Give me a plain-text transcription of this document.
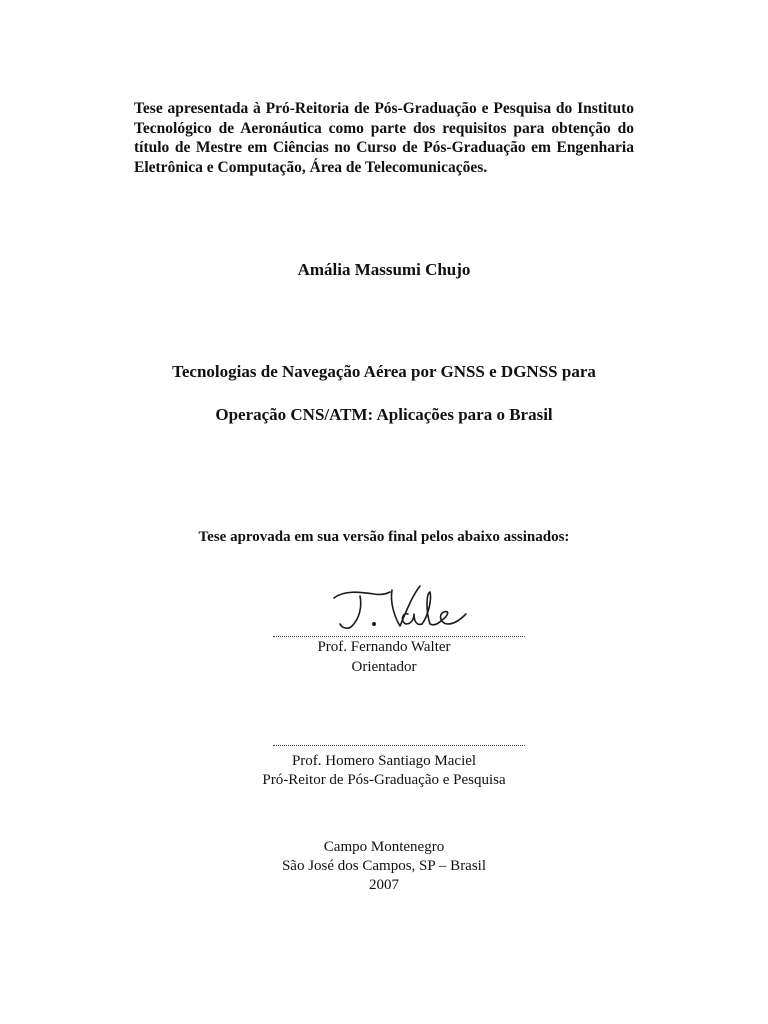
Tese apresentada à Pró-Reitoria de Pós-Graduação e Pesquisa do Instituto Tecnológico de Aeronáutica como parte dos requisitos para obtenção do título de Mestre em Ciências no Curso de Pós-Graduação em Engenharia Eletrônica e Computação, Área de Telecomunicações.
Amália Massumi Chujo
Tecnologias de Navegação Aérea por GNSS e DGNSS para
Operação CNS/ATM: Aplicações para o Brasil
Tese aprovada em sua versão final pelos abaixo assinados:
Prof. Fernando Walter
Orientador
Prof. Homero Santiago Maciel
Pró-Reitor de Pós-Graduação e Pesquisa
Campo Montenegro
São José dos Campos, SP – Brasil
2007
